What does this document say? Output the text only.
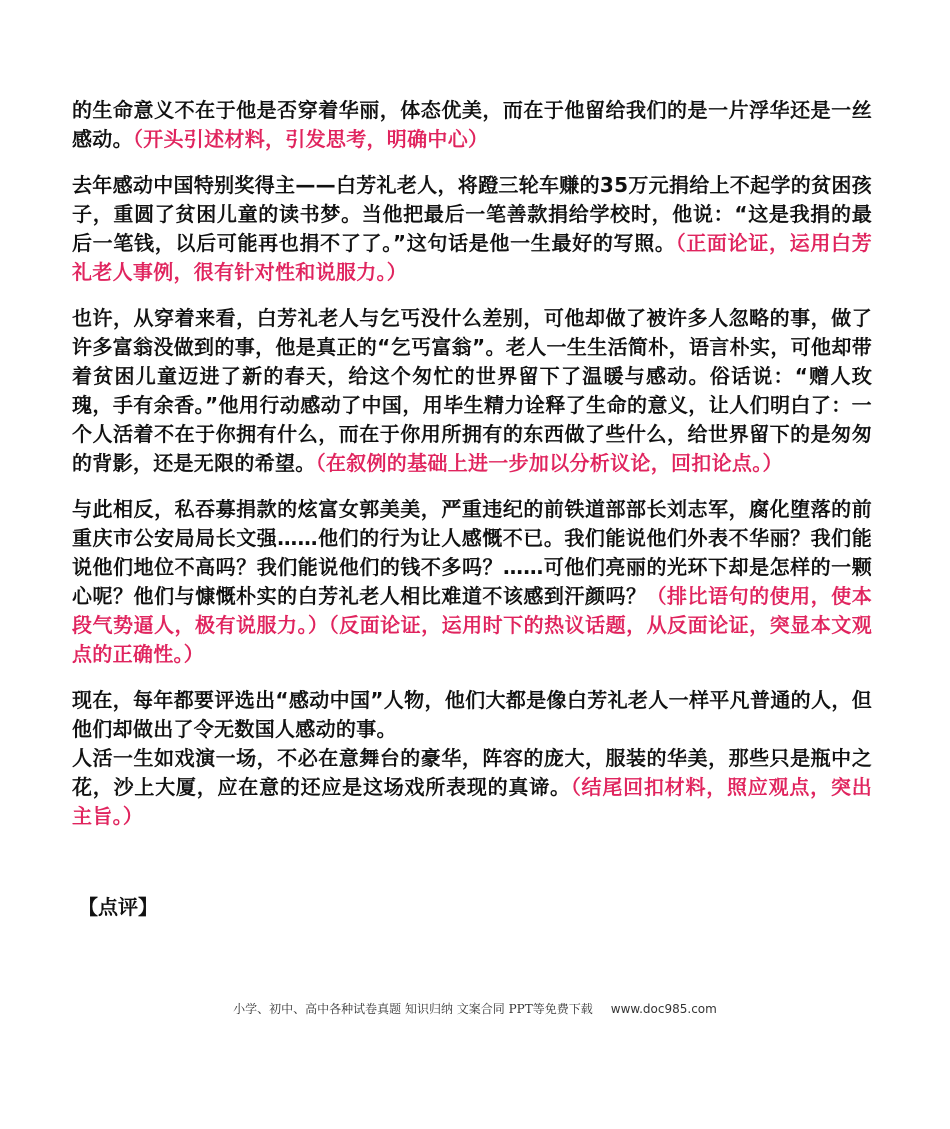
的生命意义不在于他是否穿着华丽，体态优美，而在于他留给我们的是一片浮华还是一丝感动。（开头引述材料，引发思考，明确中心）

去年感动中国特别奖得主——白芳礼老人，将蹬三轮车赚的35万元捐给上不起学的贫困孩子，重圆了贫困儿童的读书梦。当他把最后一笔善款捐给学校时，他说：“这是我捐的最后一笔钱，以后可能再也捐不了了。”这句话是他一生最好的写照。（正面论证，运用白芳礼老人事例，很有针对性和说服力。）

也许，从穿着来看，白芳礼老人与乞丐没什么差别，可他却做了被许多人忽略的事，做了许多富翁没做到的事，他是真正的“乞丐富翁”。老人一生生活简朴，语言朴实，可他却带着贫困儿童迈进了新的春天，给这个匆忙的世界留下了温暖与感动。俗话说：“赠人玫瑰，手有余香。”他用行动感动了中国，用毕生精力诠释了生命的意义，让人们明白了：一个人活着不在于你拥有什么，而在于你用所拥有的东西做了些什么，给世界留下的是匆匆的背影，还是无限的希望。（在叙例的基础上进一步加以分析议论，回扣论点。）

与此相反，私吞募捐款的炫富女郭美美，严重违纪的前铁道部部长刘志军，腐化堕落的前重庆市公安局局长文强……他们的行为让人感慨不已。我们能说他们外表不华丽？我们能说他们地位不高吗？我们能说他们的钱不多吗？……可他们亮丽的光环下却是怎样的一颗心呢？他们与慷慨朴实的白芳礼老人相比难道不该感到汗颜吗？（排比语句的使用，使本段气势逼人，极有说服力。）（反面论证，运用时下的热议话题，从反面论证，突显本文观点的正确性。）

现在，每年都要评选出“感动中国”人物，他们大都是像白芳礼老人一样平凡普通的人，但他们却做出了令无数国人感动的事。

人活一生如戏演一场，不必在意舞台的豪华，阵容的庞大，服装的华美，那些只是瓶中之花，沙上大厦，应在意的还应是这场戏所表现的真谛。（结尾回扣材料，照应观点，突出主旨。）

【点评】
小学、初中、高中各种试卷真题 知识归纳 文案合同 PPT等免费下载 www.doc985.com
